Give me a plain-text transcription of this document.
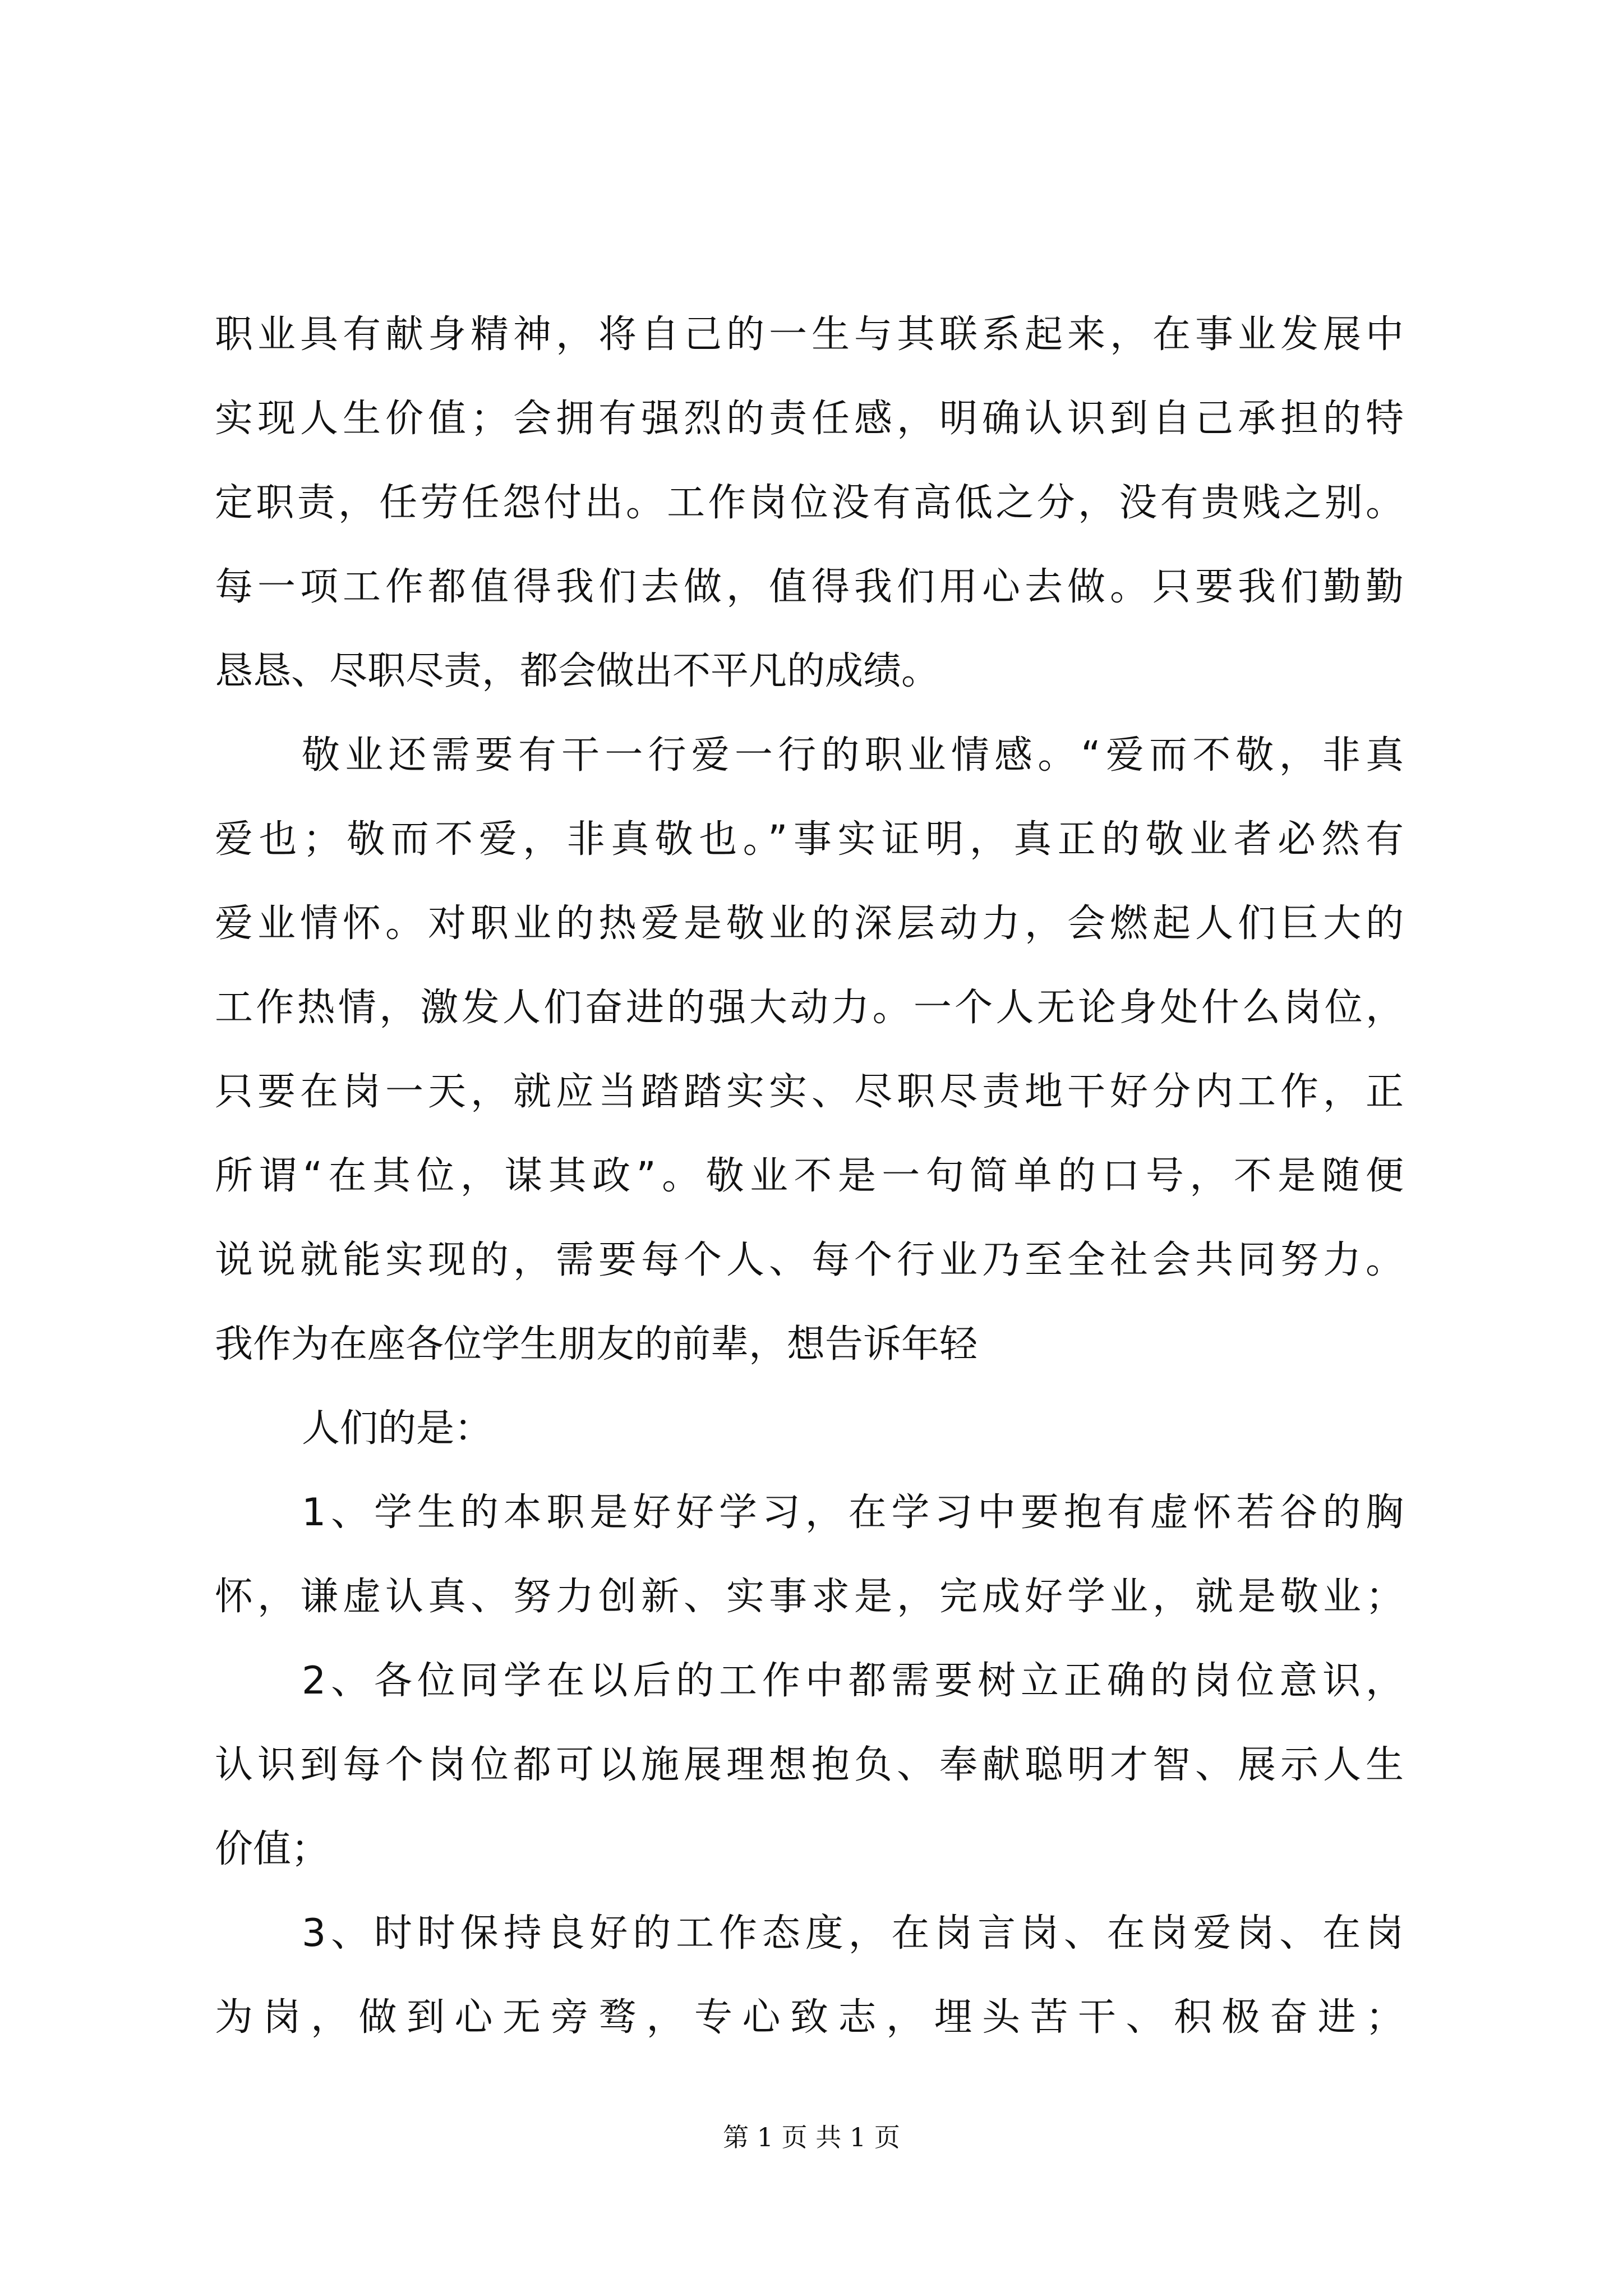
职业具有献身精神，将自己的一生与其联系起来，在事业发展中
实现人生价值；会拥有强烈的责任感，明确认识到自己承担的特
定职责，任劳任怨付出。工作岗位没有高低之分，没有贵贱之别。
每一项工作都值得我们去做，值得我们用心去做。只要我们勤勤
恳恳、尽职尽责，都会做出不平凡的成绩。
敬业还需要有干一行爱一行的职业情感。“爱而不敬，非真
爱也；敬而不爱，非真敬也。”事实证明，真正的敬业者必然有
爱业情怀。对职业的热爱是敬业的深层动力，会燃起人们巨大的
工作热情，激发人们奋进的强大动力。一个人无论身处什么岗位，
只要在岗一天，就应当踏踏实实、尽职尽责地干好分内工作，正
所谓“在其位，谋其政”。敬业不是一句简单的口号，不是随便
说说就能实现的，需要每个人、每个行业乃至全社会共同努力。
我作为在座各位学生朋友的前辈，想告诉年轻
人们的是：
1、学生的本职是好好学习，在学习中要抱有虚怀若谷的胸
怀，谦虚认真、努力创新、实事求是，完成好学业，就是敬业；
2、各位同学在以后的工作中都需要树立正确的岗位意识，
认识到每个岗位都可以施展理想抱负、奉献聪明才智、展示人生
价值；
3、时时保持良好的工作态度，在岗言岗、在岗爱岗、在岗
为岗，做到心无旁骛，专心致志，埋头苦干、积极奋进；
第 1 页 共 1 页
